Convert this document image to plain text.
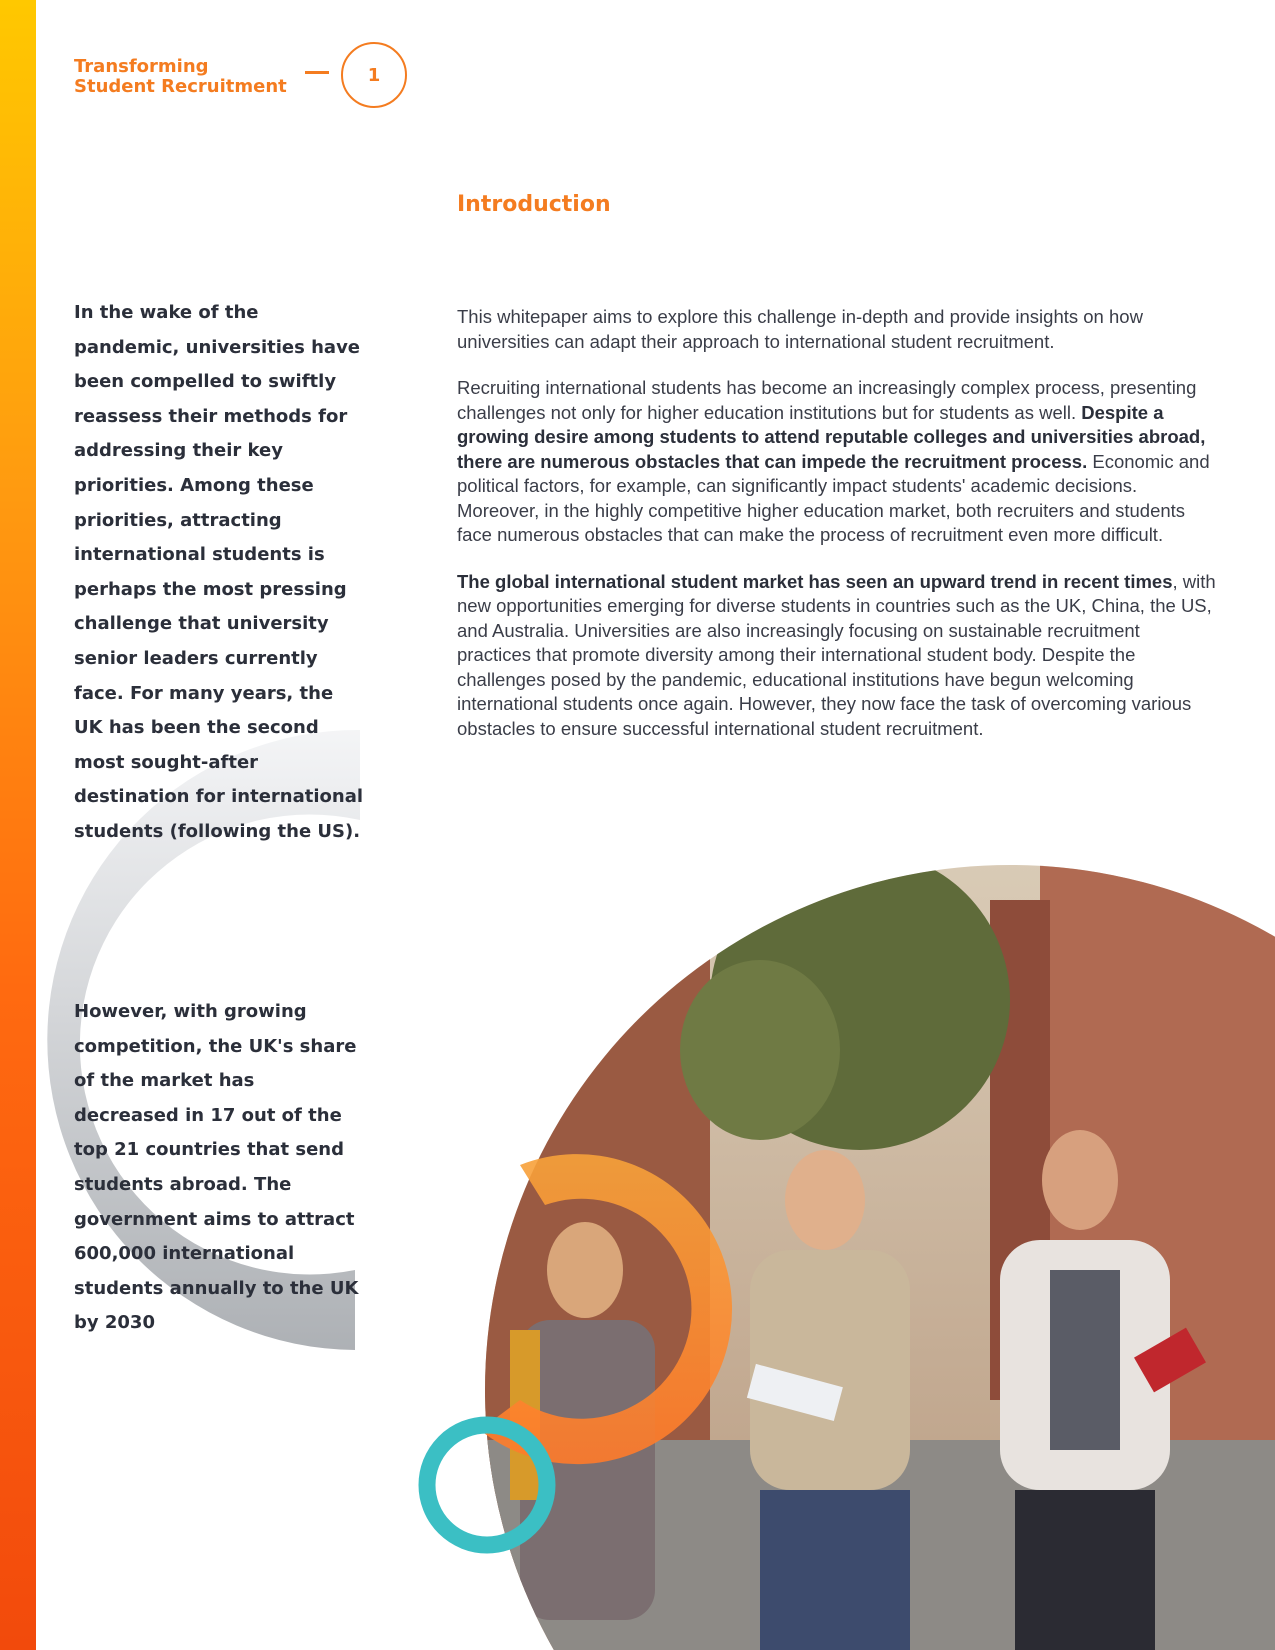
Transforming
Student Recruitment
1
Introduction
In the wake of the pandemic, universities have been compelled to swiftly reassess their methods for addressing their key priorities. Among these priorities, attracting international students is perhaps the most pressing challenge that university senior leaders currently face. For many years, the UK has been the second most sought-after destination for international students (following the US).
However, with growing competition, the UK's share of the market has decreased in 17 out of the top 21 countries that send students abroad. The government aims to attract 600,000 international students annually to the UK by 2030

This whitepaper aims to explore this challenge in-depth and provide insights on how universities can adapt their approach to international student recruitment.

Recruiting international students has become an increasingly complex process, presenting challenges not only for higher education institutions but for students as well. Despite a growing desire among students to attend reputable colleges and universities abroad, there are numerous obstacles that can impede the recruitment process. Economic and political factors, for example, can significantly impact students' academic decisions. Moreover, in the highly competitive higher education market, both recruiters and students face numerous obstacles that can make the process of recruitment even more difficult.

The global international student market has seen an upward trend in recent times, with new opportunities emerging for diverse students in countries such as the UK, China, the US, and Australia. Universities are also increasingly focusing on sustainable recruitment practices that promote diversity among their international student body. Despite the challenges posed by the pandemic, educational institutions have begun welcoming international students once again. However, they now face the task of overcoming various obstacles to ensure successful international student recruitment.
